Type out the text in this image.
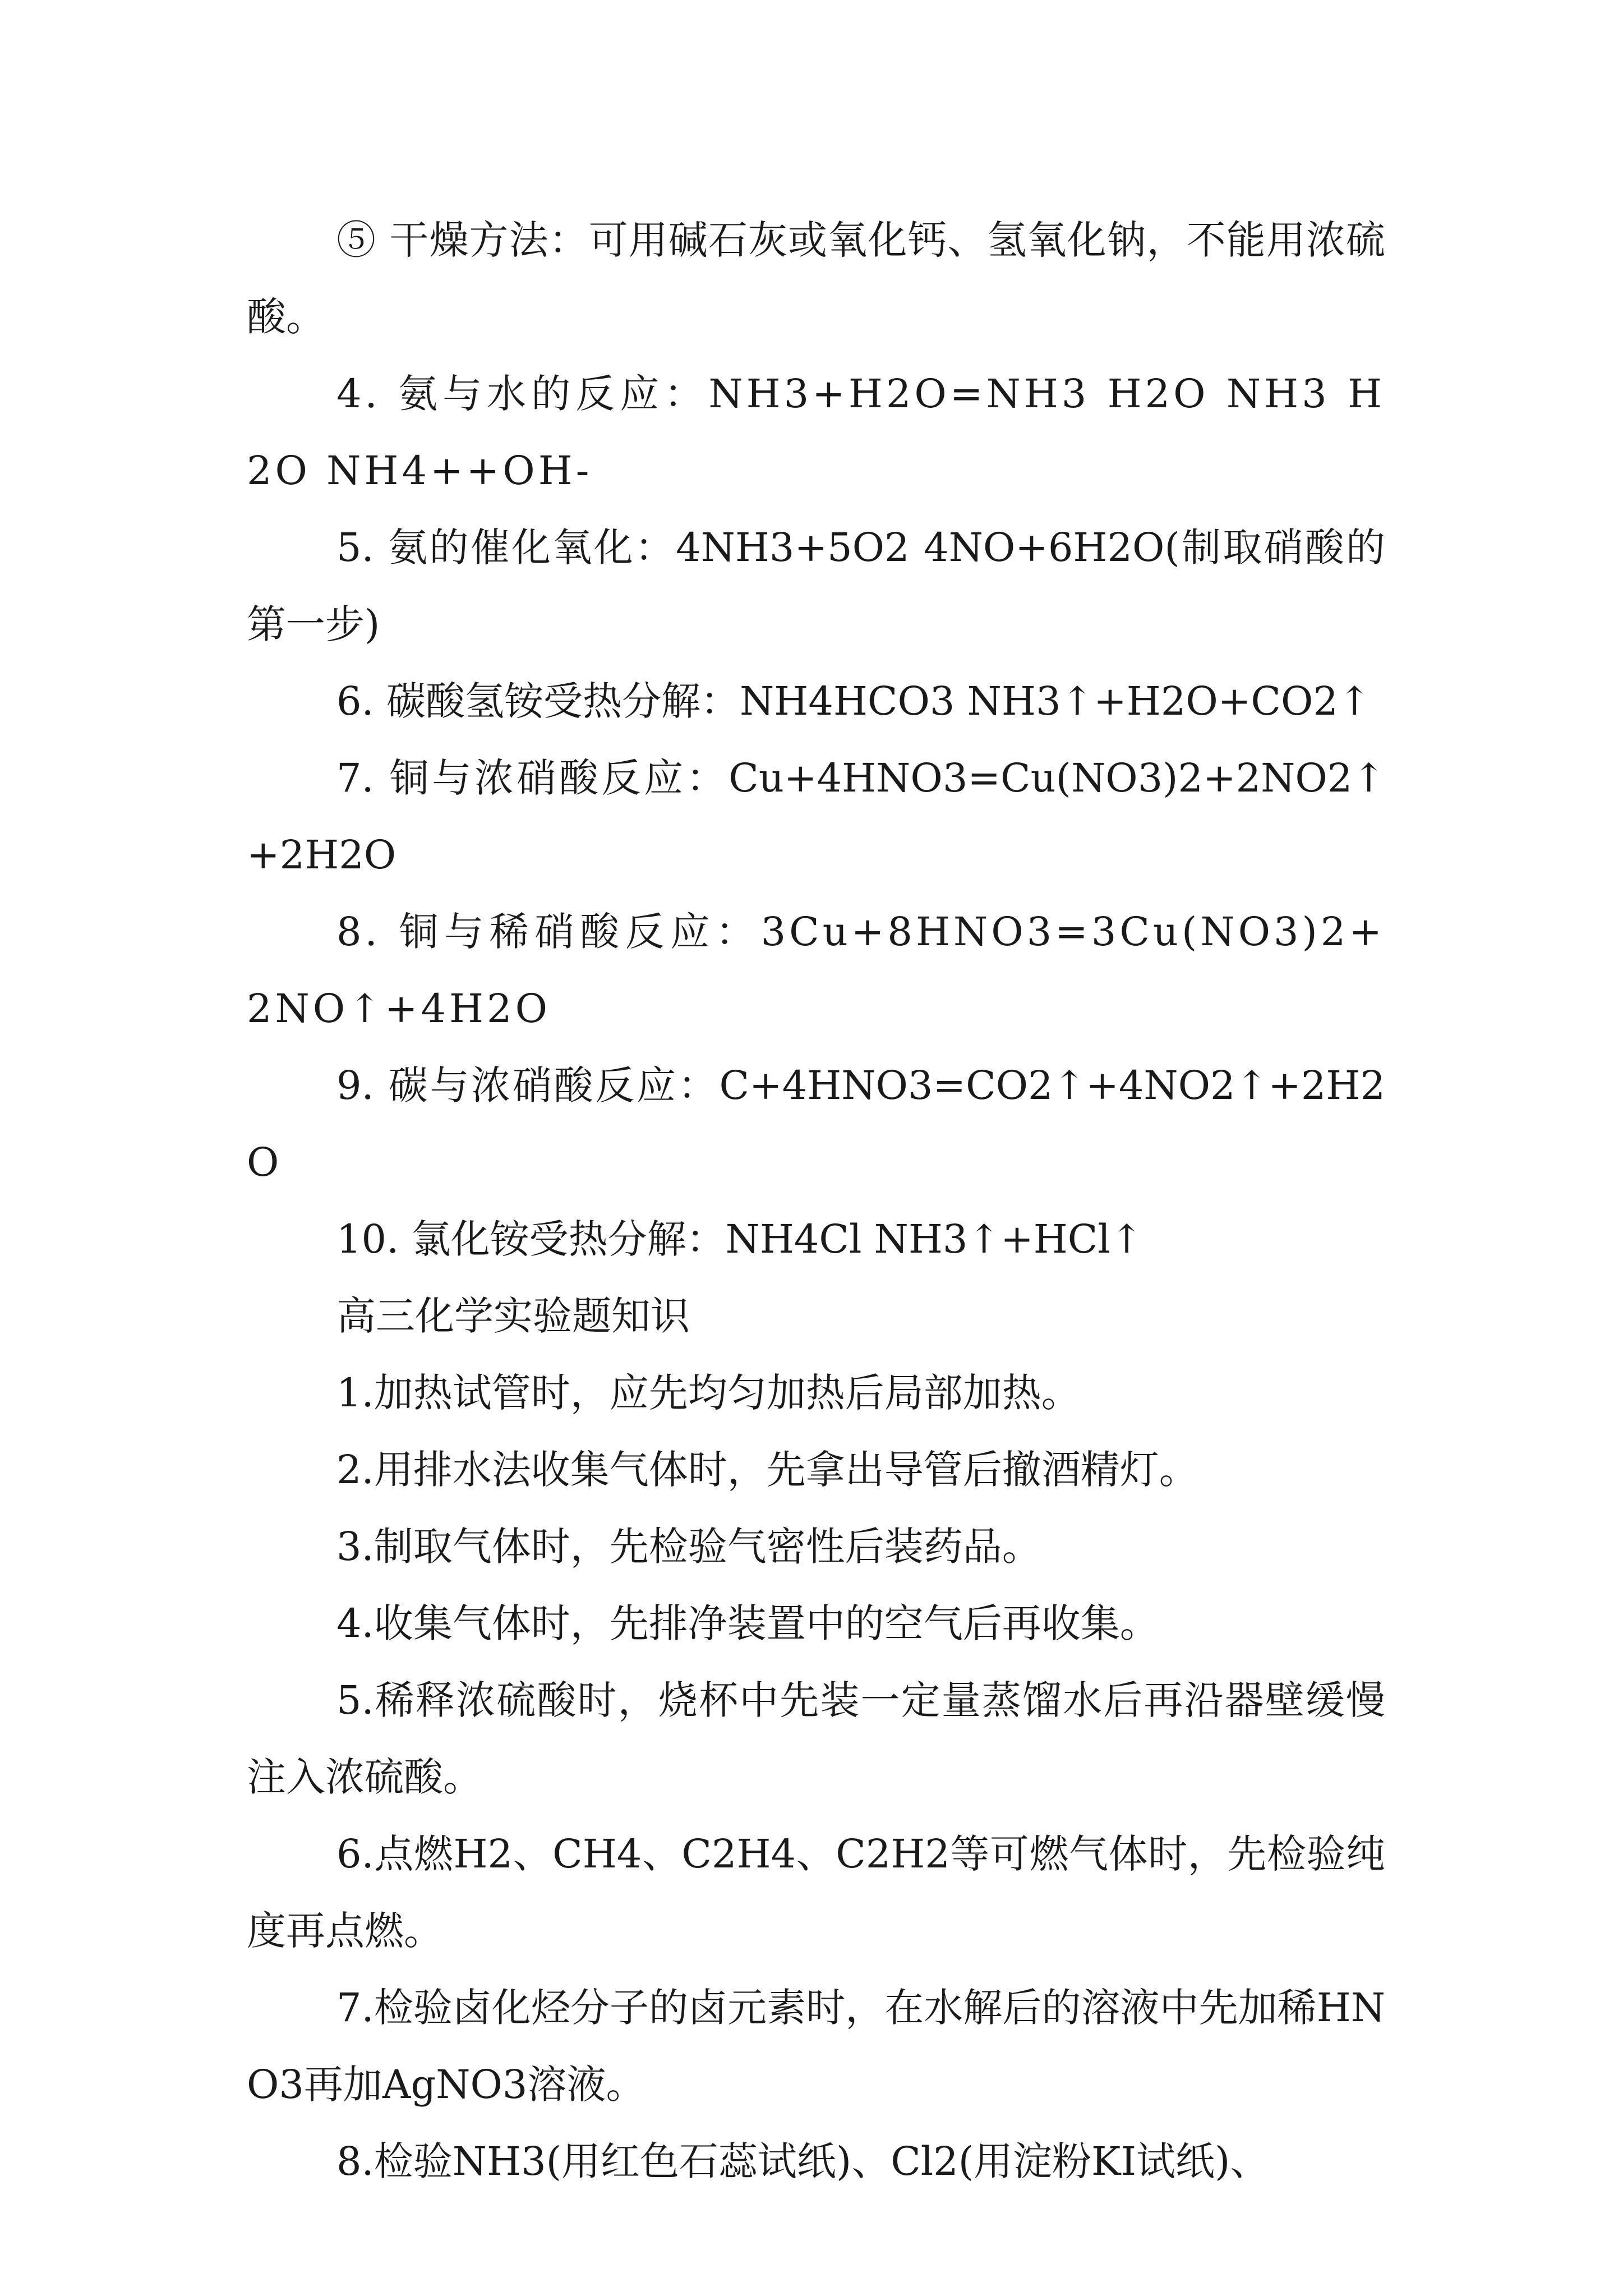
⑤ 干燥方法：可用碱石灰或氧化钙、氢氧化钠，不能用浓硫酸。

4. 氨与水的反应：NH3+H2O=NH3 H2O NH3 H2O NH4++OH-

5. 氨的催化氧化：4NH3+5O2 4NO+6H2O(制取硝酸的第一步)

6. 碳酸氢铵受热分解：NH4HCO3 NH3↑+H2O+CO2↑

7. 铜与浓硝酸反应：Cu+4HNO3=Cu(NO3)2+2NO2↑+2H2O

8. 铜与稀硝酸反应：3Cu+8HNO3=3Cu(NO3)2+2NO↑+4H2O

9. 碳与浓硝酸反应：C+4HNO3=CO2↑+4NO2↑+2H2O

10. 氯化铵受热分解：NH4Cl NH3↑+HCl↑

高三化学实验题知识

1.加热试管时，应先均匀加热后局部加热。

2.用排水法收集气体时，先拿出导管后撤酒精灯。

3.制取气体时，先检验气密性后装药品。

4.收集气体时，先排净装置中的空气后再收集。

5.稀释浓硫酸时，烧杯中先装一定量蒸馏水后再沿器壁缓慢注入浓硫酸。

6.点燃H2、CH4、C2H4、C2H2等可燃气体时，先检验纯度再点燃。

7.检验卤化烃分子的卤元素时，在水解后的溶液中先加稀HNO3再加AgNO3溶液。

8.检验NH3(用红色石蕊试纸)、Cl2(用淀粉KI试纸)、
